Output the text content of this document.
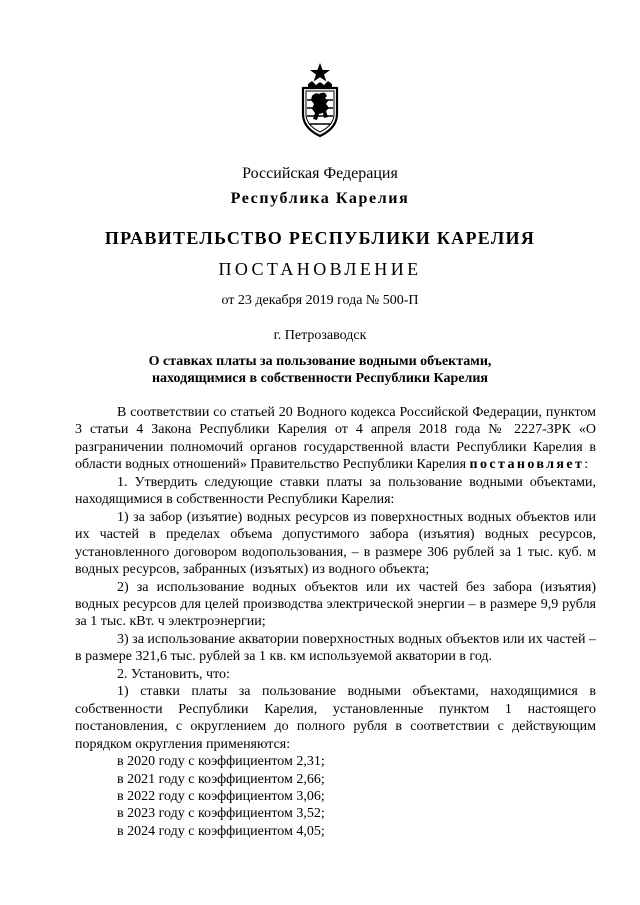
Российская Федерация
Республика Карелия
ПРАВИТЕЛЬСТВО РЕСПУБЛИКИ КАРЕЛИЯ
ПОСТАНОВЛЕНИЕ
от 23 декабря 2019 года № 500-П
г. Петрозаводск
О ставках платы за пользование водными объектами,
находящимися в собственности Республики Карелия

В соответствии со статьей 20 Водного кодекса Российской Федерации, пунктом 3 статьи 4 Закона Республики Карелия от 4 апреля 2018 года № 2227-ЗРК «О разграничении полномочий органов государственной власти Республики Карелия в области водных отношений» Правительство Республики Карелия постановляет:

1. Утвердить следующие ставки платы за пользование водными объектами, находящимися в собственности Республики Карелия:

1) за забор (изъятие) водных ресурсов из поверхностных водных объектов или их частей в пределах объема допустимого забора (изъятия) водных ресурсов, установленного договором водопользования, – в размере 306 рублей за 1 тыс. куб. м водных ресурсов, забранных (изъятых) из водного объекта;

2) за использование водных объектов или их частей без забора (изъятия) водных ресурсов для целей производства электрической энергии – в размере 9,9 рубля за 1 тыс. кВт. ч электроэнергии;

3) за использование акватории поверхностных водных объектов или их частей – в размере 321,6 тыс. рублей за 1 кв. км используемой акватории в год.

2. Установить, что:

1) ставки платы за пользование водными объектами, находящимися в собственности Республики Карелия, установленные пунктом 1 настоящего постановления, с округлением до полного рубля в соответствии с действующим порядком округления применяются:

в 2020 году с коэффициентом 2,31;
в 2021 году с коэффициентом 2,66;
в 2022 году с коэффициентом 3,06;
в 2023 году с коэффициентом 3,52;
в 2024 году с коэффициентом 4,05;
